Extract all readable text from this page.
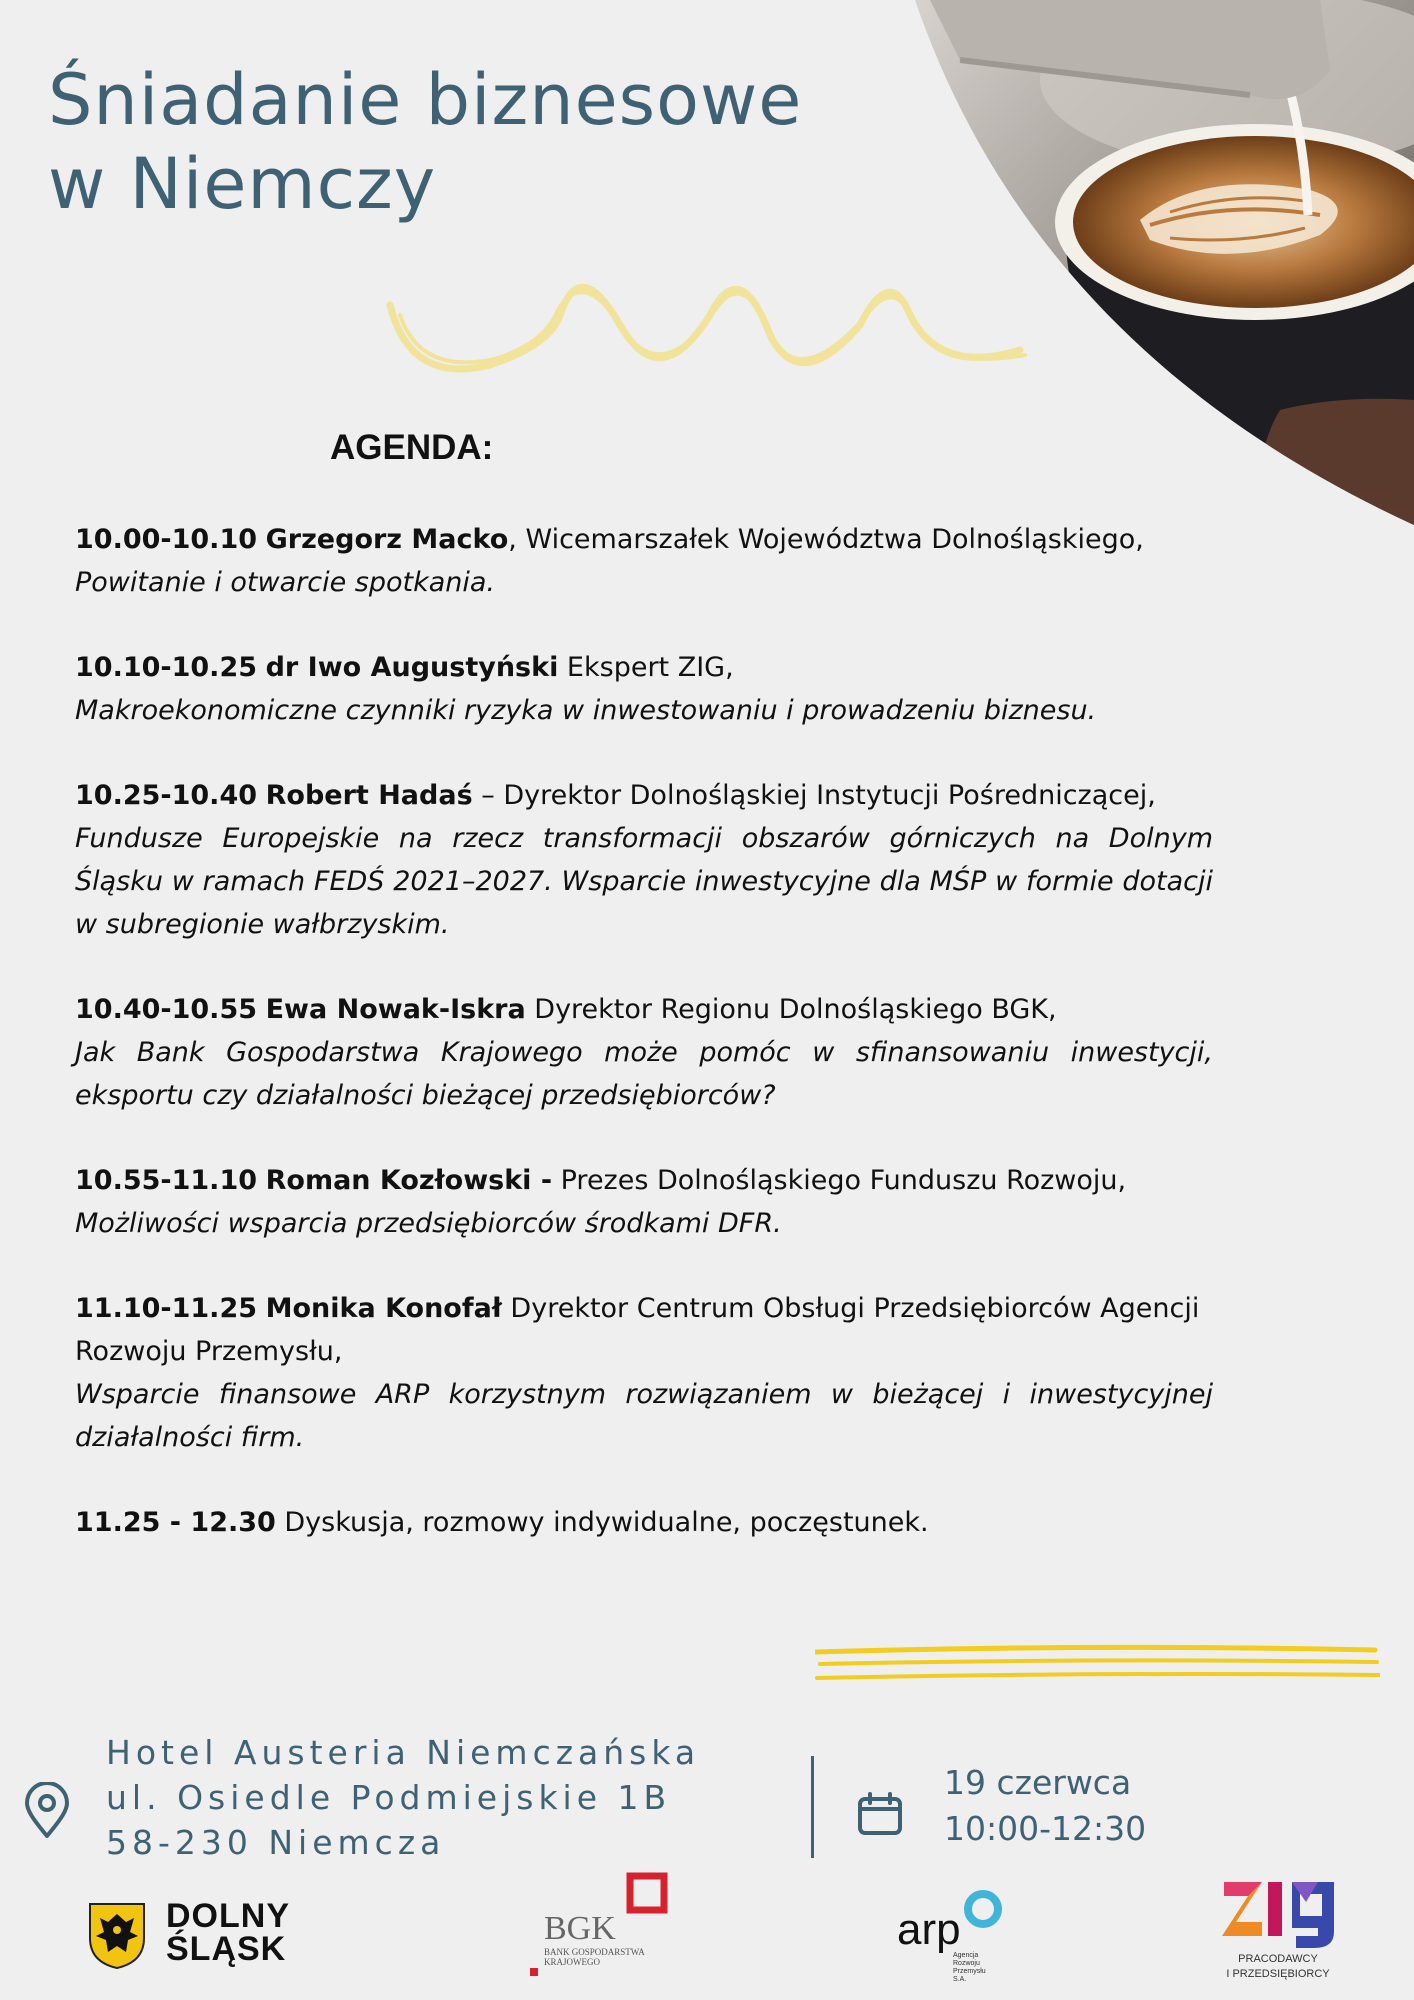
Śniadanie biznesowe
w Niemczy
AGENDA:
10.00-10.10 Grzegorz Macko, Wicemarszałek Województwa Dolnośląskiego,
Powitanie i otwarcie spotkania.
10.10-10.25 dr Iwo Augustyński Ekspert ZIG,
Makroekonomiczne czynniki ryzyka w inwestowaniu i prowadzeniu biznesu.
10.25-10.40 Robert Hadaś – Dyrektor Dolnośląskiej Instytucji Pośredniczącej,
Fundusze Europejskie na rzecz transformacji obszarów górniczych na Dolnym Śląsku w ramach FEDŚ 2021–2027. Wsparcie inwestycyjne dla MŚP w formie dotacji w subregionie wałbrzyskim.
10.40-10.55 Ewa Nowak-Iskra Dyrektor Regionu Dolnośląskiego BGK,
Jak Bank Gospodarstwa Krajowego może pomóc w sfinansowaniu inwestycji, eksportu czy działalności bieżącej przedsiębiorców?
10.55-11.10 Roman Kozłowski - Prezes Dolnośląskiego Funduszu Rozwoju,
Możliwości wsparcia przedsiębiorców środkami DFR.
11.10-11.25 Monika Konofał Dyrektor Centrum Obsługi Przedsiębiorców Agencji Rozwoju Przemysłu,
Wsparcie finansowe ARP korzystnym rozwiązaniem w bieżącej i inwestycyjnej działalności firm.
11.25 - 12.30 Dyskusja, rozmowy indywidualne, poczęstunek.
Hotel Austeria Niemczańska
ul. Osiedle Podmiejskie 1B
58-230 Niemcza
19 czerwca
10:00-12:30
DOLNY
ŚLĄSK
BGK
BANK GOSPODARSTWA
KRAJOWEGO
arp
Agencja
Rozwoju
Przemysłu
S.A.
PRACODAWCY
I PRZEDSIĘBIORCY
